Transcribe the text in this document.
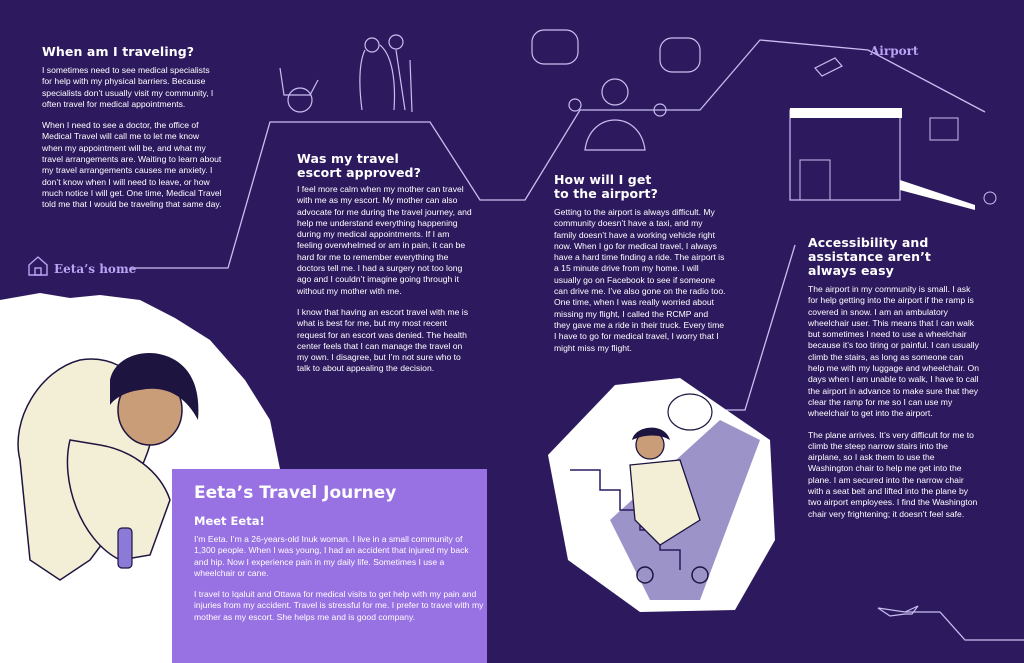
Eeta’s home
Airport
When am I traveling?

I sometimes need to see medical specialists for help with my physical barriers. Because specialists don’t usually visit my community, I often travel for medical appointments.

When I need to see a doctor, the office of Medical Travel will call me to let me know when my appointment will be, and what my travel arrangements are. Waiting to learn about my travel arrangements causes me anxiety. I don’t know when I will need to leave, or how much notice I will get. One time, Medical Travel told me that I would be traveling that same day.

Was my travel
escort approved?

I feel more calm when my mother can travel with me as my escort. My mother can also advocate for me during the travel journey, and help me understand everything happening during my medical appointments. If I am feeling overwhelmed or am in pain, it can be hard for me to remember everything the doctors tell me. I had a surgery not too long ago and I couldn’t imagine going through it without my mother with me.

I know that having an escort travel with me is what is best for me, but my most recent request for an escort was denied. The health center feels that I can manage the travel on my own. I disagree, but I’m not sure who to talk to about appealing the decision.

How will I get
to the airport?

Getting to the airport is always difficult. My community doesn’t have a taxi, and my family doesn’t have a working vehicle right now. When I go for medical travel, I always have a hard time finding a ride. The airport is a 15 minute drive from my home. I will usually go on Facebook to see if someone can drive me. I’ve also gone on the radio too. One time, when I was really worried about missing my flight, I called the RCMP and they gave me a ride in their truck. Every time I have to go for medical travel, I worry that I might miss my flight.

Accessibility and
assistance aren’t
always easy

The airport in my community is small. I ask for help getting into the airport if the ramp is covered in snow. I am an ambulatory wheelchair user. This means that I can walk but sometimes I need to use a wheelchair because it’s too tiring or painful. I can usually climb the stairs, as long as someone can help me with my luggage and wheelchair. On days when I am unable to walk, I have to call the airport in advance to make sure that they clear the ramp for me so I can use my wheelchair to get into the airport.

The plane arrives. It’s very difficult for me to climb the steep narrow stairs into the airplane, so I ask them to use the Washington chair to help me get into the plane. I am secured into the narrow chair with a seat belt and lifted into the plane by two airport employees. I find the Washington chair very frightening; it doesn’t feel safe.

Eeta’s Travel Journey
Meet Eeta!

I’m Eeta. I’m a 26-years-old Inuk woman. I live in a small community of 1,300 people. When I was young, I had an accident that injured my back and hip. Now I experience pain in my daily life. Sometimes I use a wheelchair or cane.

I travel to Iqaluit and Ottawa for medical visits to get help with my pain and injuries from my accident. Travel is stressful for me. I prefer to travel with my mother as my escort. She helps me and is good company.
